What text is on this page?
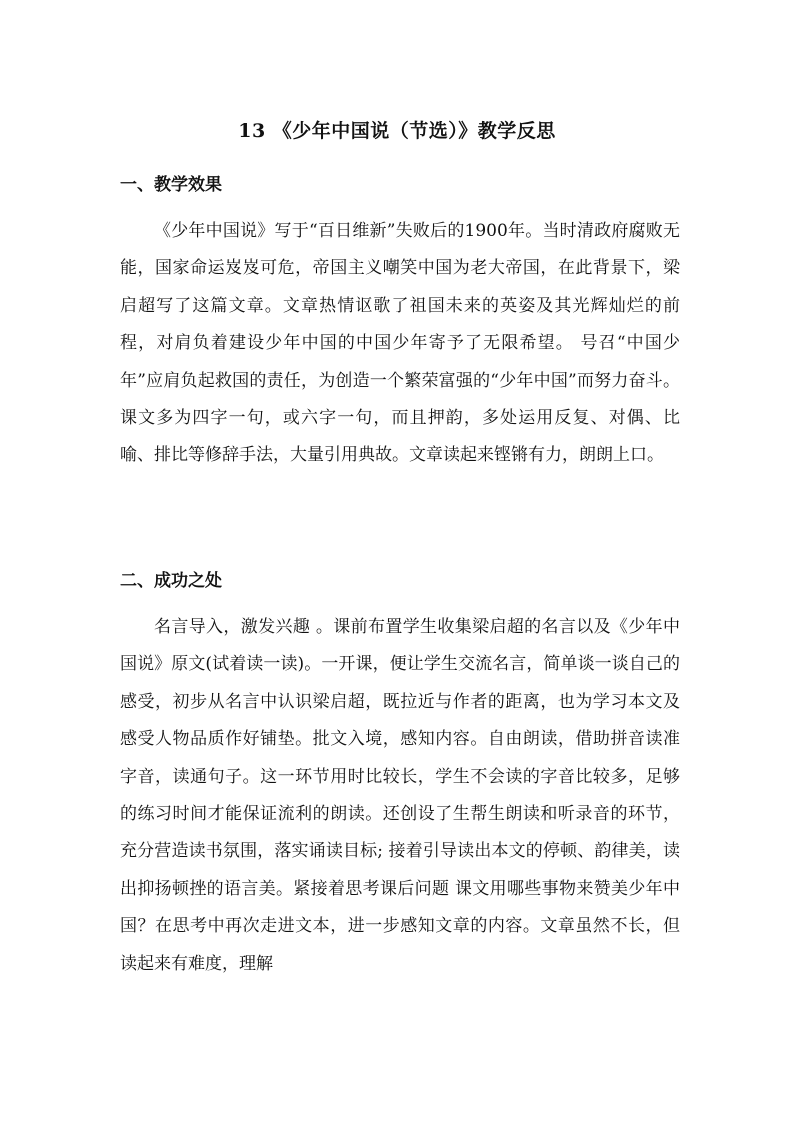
13 《少年中国说（节选）》教学反思
一、教学效果

《少年中国说》写于“百日维新”失败后的1900年。当时清政府腐败无能，国家命运岌岌可危，帝国主义嘲笑中国为老大帝国，在此背景下，梁启超写了这篇文章。文章热情讴歌了祖国未来的英姿及其光辉灿烂的前程，对肩负着建设少年中国的中国少年寄予了无限希望。 号召“中国少年”应肩负起救国的责任，为创造一个繁荣富强的“少年中国”而努力奋斗。 课文多为四字一句，或六字一句，而且押韵，多处运用反复、对偶、比喻、排比等修辞手法，大量引用典故。文章读起来铿锵有力，朗朗上口。

二、成功之处

名言导入，激发兴趣 。课前布置学生收集梁启超的名言以及《少年中国说》原文(试着读一读)。一开课，便让学生交流名言，简单谈一谈自己的感受，初步从名言中认识梁启超，既拉近与作者的距离，也为学习本文及感受人物品质作好铺垫。批文入境，感知内容。自由朗读，借助拼音读准字音，读通句子。这一环节用时比较长，学生不会读的字音比较多，足够的练习时间才能保证流利的朗读。还创设了生帮生朗读和听录音的环节，充分营造读书氛围，落实诵读目标; 接着引导读出本文的停顿、韵律美，读出抑扬顿挫的语言美。紧接着思考课后问题 课文用哪些事物来赞美少年中国？在思考中再次走进文本，进一步感知文章的内容。文章虽然不长，但读起来有难度，理解
